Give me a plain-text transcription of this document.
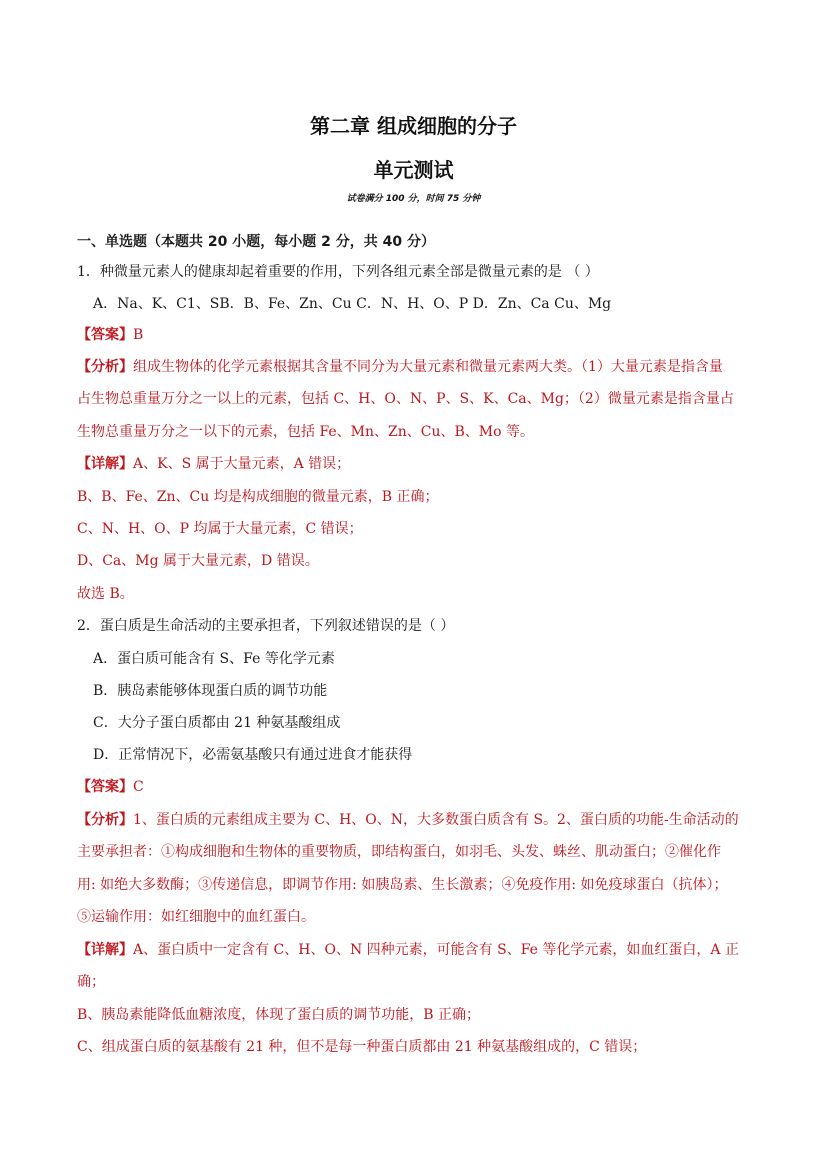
第二章 组成细胞的分子
单元测试
试卷满分 100 分，时间 75 分钟
一、单选题（本题共 20 小题，每小题 2 分，共 40 分）
1．种微量元素人的健康却起着重要的作用，下列各组元素全部是微量元素的是 （ ）
A．Na、K、C1、SB．B、Fe、Zn、Cu C．N、H、O、P D．Zn、Ca Cu、Mg
【答案】B
【分析】组成生物体的化学元素根据其含量不同分为大量元素和微量元素两大类。（1）大量元素是指含量
占生物总重量万分之一以上的元素，包括 C、H、O、N、P、S、K、Ca、Mg；（2）微量元素是指含量占
生物总重量万分之一以下的元素，包括 Fe、Mn、Zn、Cu、B、Mo 等。
【详解】A、K、S 属于大量元素，A 错误；
B、B、Fe、Zn、Cu 均是构成细胞的微量元素，B 正确；
C、N、H、O、P 均属于大量元素，C 错误；
D、Ca、Mg 属于大量元素，D 错误。
故选 B。
2．蛋白质是生命活动的主要承担者，下列叙述错误的是（ ）
A．蛋白质可能含有 S、Fe 等化学元素
B．胰岛素能够体现蛋白质的调节功能
C．大分子蛋白质都由 21 种氨基酸组成
D．正常情况下，必需氨基酸只有通过进食才能获得
【答案】C
【分析】1、蛋白质的元素组成主要为 C、H、O、N，大多数蛋白质含有 S。2、蛋白质的功能-生命活动的
主要承担者：①构成细胞和生物体的重要物质，即结构蛋白，如羽毛、头发、蛛丝、肌动蛋白；②催化作
用: 如绝大多数酶；③传递信息，即调节作用: 如胰岛素、生长激素；④免疫作用: 如免疫球蛋白（抗体）；
⑤运输作用：如红细胞中的血红蛋白。
【详解】A、蛋白质中一定含有 C、H、O、N 四种元素，可能含有 S、Fe 等化学元素，如血红蛋白，A 正
确；
B、胰岛素能降低血糖浓度，体现了蛋白质的调节功能，B 正确；
C、组成蛋白质的氨基酸有 21 种，但不是每一种蛋白质都由 21 种氨基酸组成的，C 错误；
